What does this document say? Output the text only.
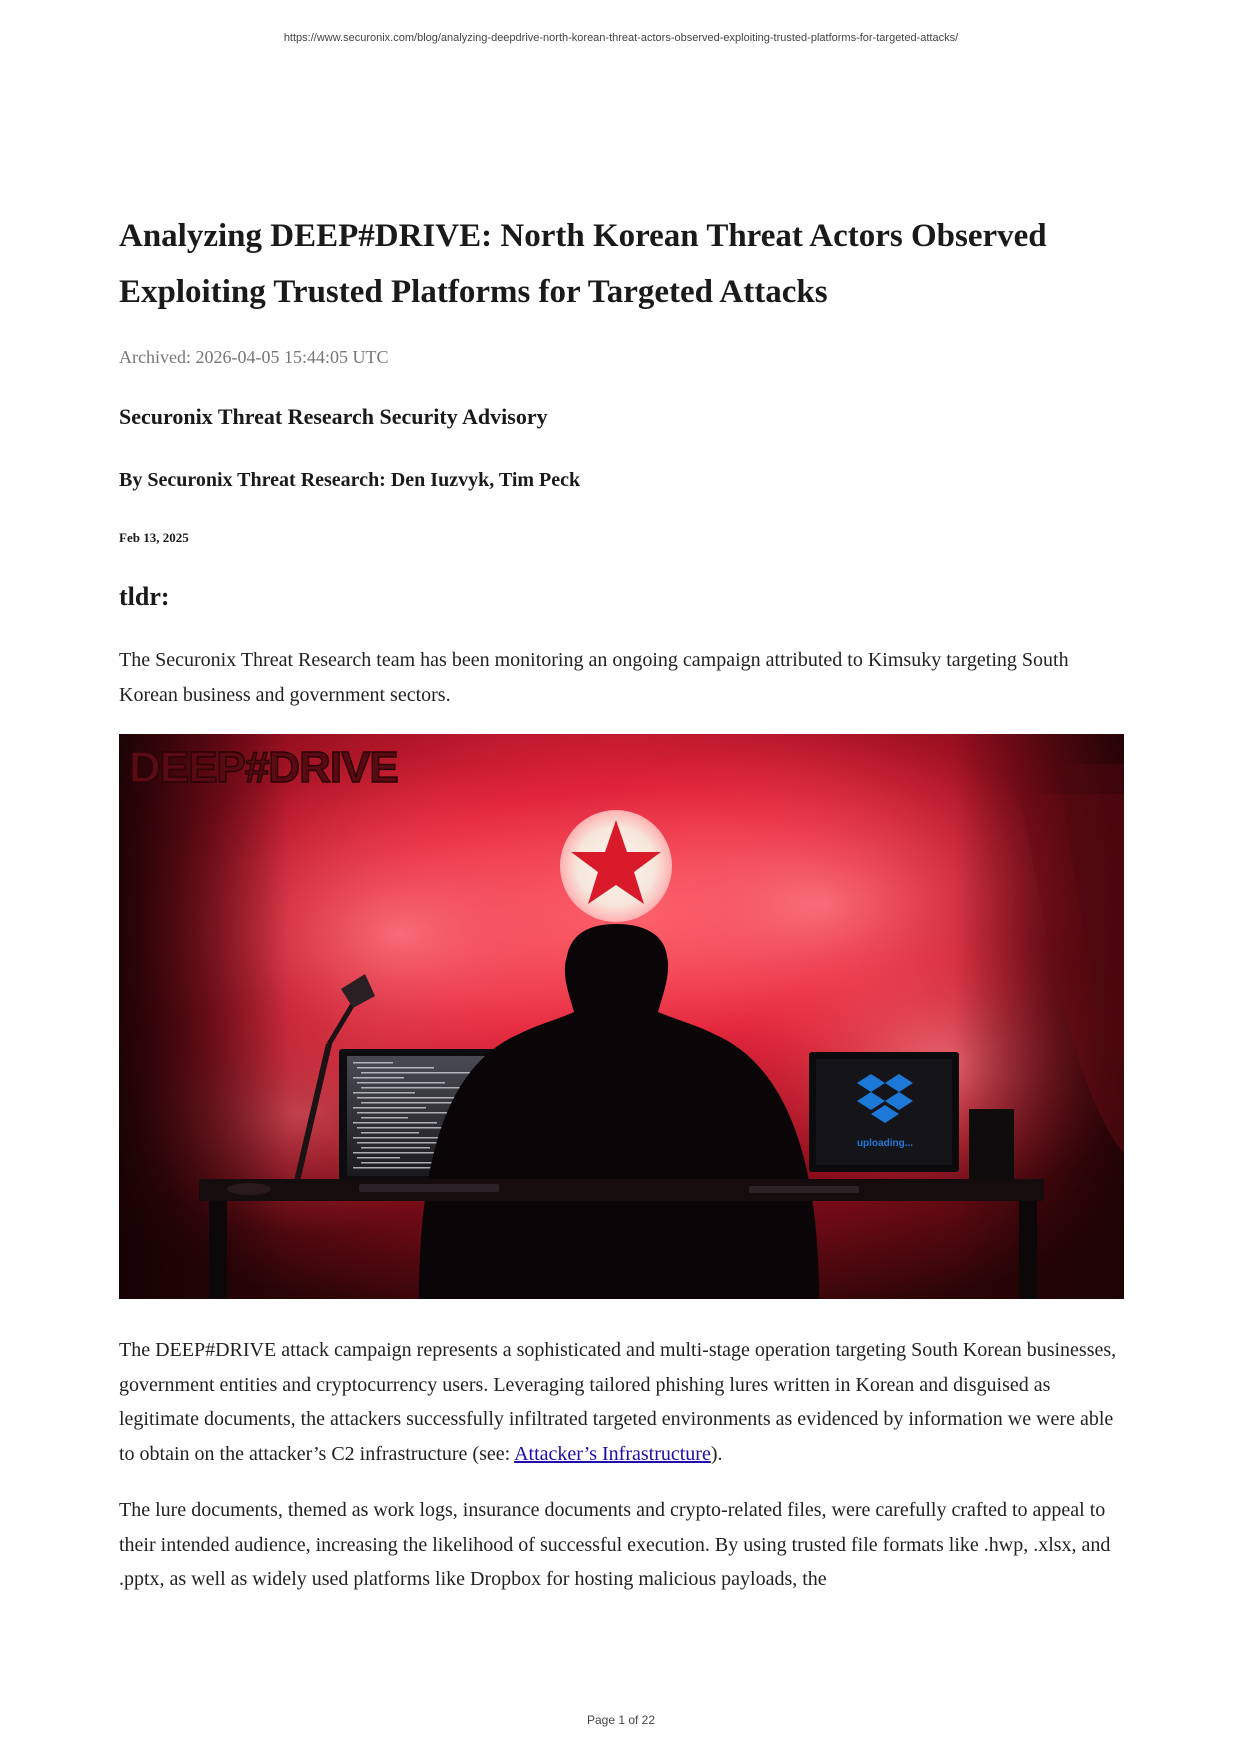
https://www.securonix.com/blog/analyzing-deepdrive-north-korean-threat-actors-observed-exploiting-trusted-platforms-for-targeted-attacks/
Analyzing DEEP#DRIVE: North Korean Threat Actors Observed Exploiting Trusted Platforms for Targeted Attacks
Archived: 2026-04-05 15:44:05 UTC
Securonix Threat Research Security Advisory
By Securonix Threat Research: Den Iuzvyk, Tim Peck
Feb 13, 2025
tldr:

The Securonix Threat Research team has been monitoring an ongoing campaign attributed to Kimsuky targeting South Korean business and government sectors.

uploading...
DEEP#DRIVE

The DEEP#DRIVE attack campaign represents a sophisticated and multi-stage operation targeting South Korean businesses, government entities and cryptocurrency users. Leveraging tailored phishing lures written in Korean and disguised as legitimate documents, the attackers successfully infiltrated targeted environments as evidenced by information we were able to obtain on the attacker’s C2 infrastructure (see: Attacker’s Infrastructure).

The lure documents, themed as work logs, insurance documents and crypto-related files, were carefully crafted to appeal to their intended audience, increasing the likelihood of successful execution. By using trusted file formats like .hwp, .xlsx, and .pptx, as well as widely used platforms like Dropbox for hosting malicious payloads, the

Page 1 of 22
